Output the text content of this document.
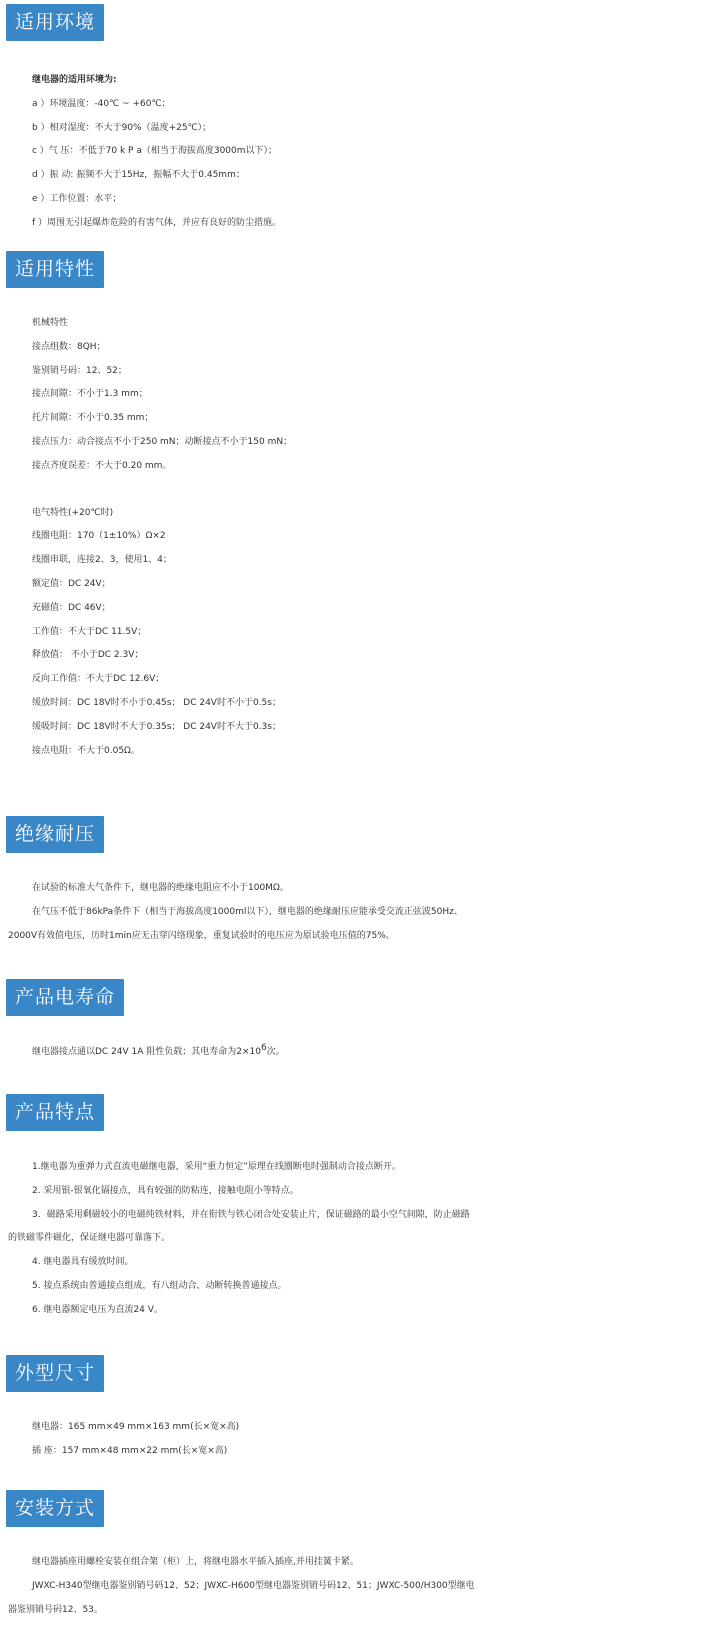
适用环境
继电器的适用环境为:
a ）环境温度：-40℃ ~ +60℃；
b ）相对湿度：不大于90%（温度+25℃）；
c ）气 压：不低于70 k P a（相当于海拔高度3000m以下）；
d ）振 动: 振频不大于15Hz，振幅不大于0.45mm；
e ）工作位置：水平；
f ）周围无引起爆炸危险的有害气体，并应有良好的防尘措施。
适用特性
机械特性
接点组数：8QH；
鉴别销号码：12、52；
接点间隙：不小于1.3 mm；
托片间隙：不小于0.35 mm；
接点压力：动合接点不小于250 mN；动断接点不小于150 mN；
接点齐度误差：不大于0.20 mm。
电气特性(+20℃时)
线圈电阻：170（1±10%）Ω×2
线圈串联，连接2、3，使用1、4；
额定值：DC 24V；
充磁值：DC 46V；
工作值：不大于DC 11.5V；
释放值： 不小于DC 2.3V；
反向工作值：不大于DC 12.6V；
缓放时间：DC 18V时不小于0.45s； DC 24V时不小于0.5s；
缓吸时间：DC 18V时不大于0.35s； DC 24V时不大于0.3s；
接点电阻：不大于0.05Ω。
绝缘耐压
在试验的标准大气条件下，继电器的绝缘电阻应不小于100MΩ。
在气压不低于86kPa条件下（相当于海拔高度1000ml以下），继电器的绝缘耐压应能承受交流正弦波50Hz、
2000V有效值电压，历时1min应无击穿闪络现象，重复试验时的电压应为原试验电压值的75%。
产品电寿命
继电器接点通以DC 24V 1A 阻性负载；其电寿命为$2\times 10^6$次。
产品特点
1.继电器为重弹力式直流电磁继电器，采用“重力恒定”原理在线圈断电时强制动合接点断开。
2. 采用银-银氧化镉接点，具有较强的防粘连，接触电阻小等特点。
3．磁路采用剩磁较小的电磁纯铁材料，并在衔铁与铁心闭合处安装止片，保证磁路的最小空气间隙，防止磁路
的铁磁零件磁化，保证继电器可靠落下。
4. 继电器具有缓放时间。
5. 接点系统由普通接点组成，有八组动合、动断转换普通接点。
6. 继电器额定电压为直流24 V。
外型尺寸
继电器：165 mm×49 mm×163 mm(长×宽×高)
插 座：157 mm×48 mm×22 mm(长×宽×高)
安装方式
继电器插座用螺栓安装在组合架（柜）上，将继电器水平插入插座,并用挂簧卡紧。
JWXC-H340型继电器鉴别销号码12、52；JWXC-H600型继电器鉴别销号码12、51；JWXC-500/H300型继电
器鉴别销号码12、53。
